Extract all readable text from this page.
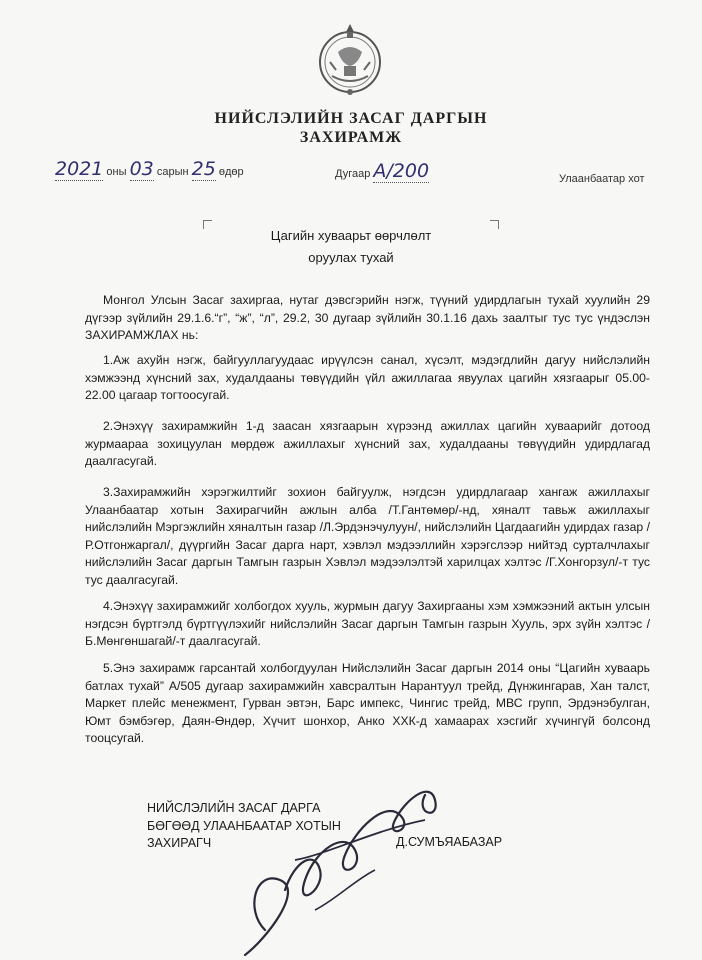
НИЙСЛЭЛИЙН ЗАСАГ ДАРГЫН
ЗАХИРАМЖ
2021 оны 03 сарын 25 өдөр	Дугаар А/200	Улаанбаатар хот
Цагийн хуваарьт өөрчлөлт
оруулах тухай
Монгол Улсын Засаг захиргаа, нутаг дэвсгэрийн нэгж, түүний удирдлагын тухай хуулийн 29 дүгээр зүйлийн 29.1.6.“г”, “ж”, “л”, 29.2, 30 дугаар зүйлийн 30.1.16 дахь заалтыг тус тус үндэслэн ЗАХИРАМЖЛАХ нь:
1.Аж ахуйн нэгж, байгууллагуудаас ирүүлсэн санал, хүсэлт, мэдэгдлийн дагуу нийслэлийн хэмжээнд хүнсний зах, худалдааны төвүүдийн үйл ажиллагаа явуулах цагийн хязгаарыг 05.00-22.00 цагаар тогтоосугай.
2.Энэхүү захирамжийн 1-д заасан хязгаарын хүрээнд ажиллах цагийн хуваарийг дотоод журмаараа зохицуулан мөрдөж ажиллахыг хүнсний зах, худалдааны төвүүдийн удирдлагад даалгасугай.
3.Захирамжийн хэрэгжилтийг зохион байгуулж, нэгдсэн удирдлагаар хангаж ажиллахыг Улаанбаатар хотын Захирагчийн ажлын алба /Т.Гантөмөр/-нд, хяналт тавьж ажиллахыг нийслэлийн Мэргэжлийн хяналтын газар /Л.Эрдэнэчулуун/, нийслэлийн Цагдаагийн удирдах газар /Р.Отгонжаргал/, дүүргийн Засаг дарга нарт, хэвлэл мэдээллийн хэрэгслээр нийтэд сурталчлахыг нийслэлийн Засаг даргын Тамгын газрын Хэвлэл мэдээлэлтэй харилцах хэлтэс /Г.Хонгорзул/-т тус тус даалгасугай.
4.Энэхүү захирамжийг холбогдох хууль, журмын дагуу Захиргааны хэм хэмжээний актын улсын нэгдсэн бүртгэлд бүртгүүлэхийг нийслэлийн Засаг даргын Тамгын газрын Хууль, эрх зүйн хэлтэс /Б.Мөнгөншагай/-т даалгасугай.
5.Энэ захирамж гарсантай холбогдуулан Нийслэлийн Засаг даргын 2014 оны “Цагийн хуваарь батлах тухай” А/505 дугаар захирамжийн хавсралтын Нарантуул трейд, Дүнжингарав, Хан талст, Маркет плейс менежмент, Гурван эвтэн, Барс импекс, Чингис трейд, МВС групп, Эрдэнэбулган, Юмт бэмбэгөр, Даян-Өндөр, Хүчит шонхор, Анко ХХК-д хамаарах хэсгийг хүчингүй болсонд тооцсугай.
НИЙСЛЭЛИЙН ЗАСАГ ДАРГА
БӨГӨӨД УЛААНБААТАР ХОТЫН
ЗАХИРАГЧ	Д.СУМЪЯАБАЗАР
